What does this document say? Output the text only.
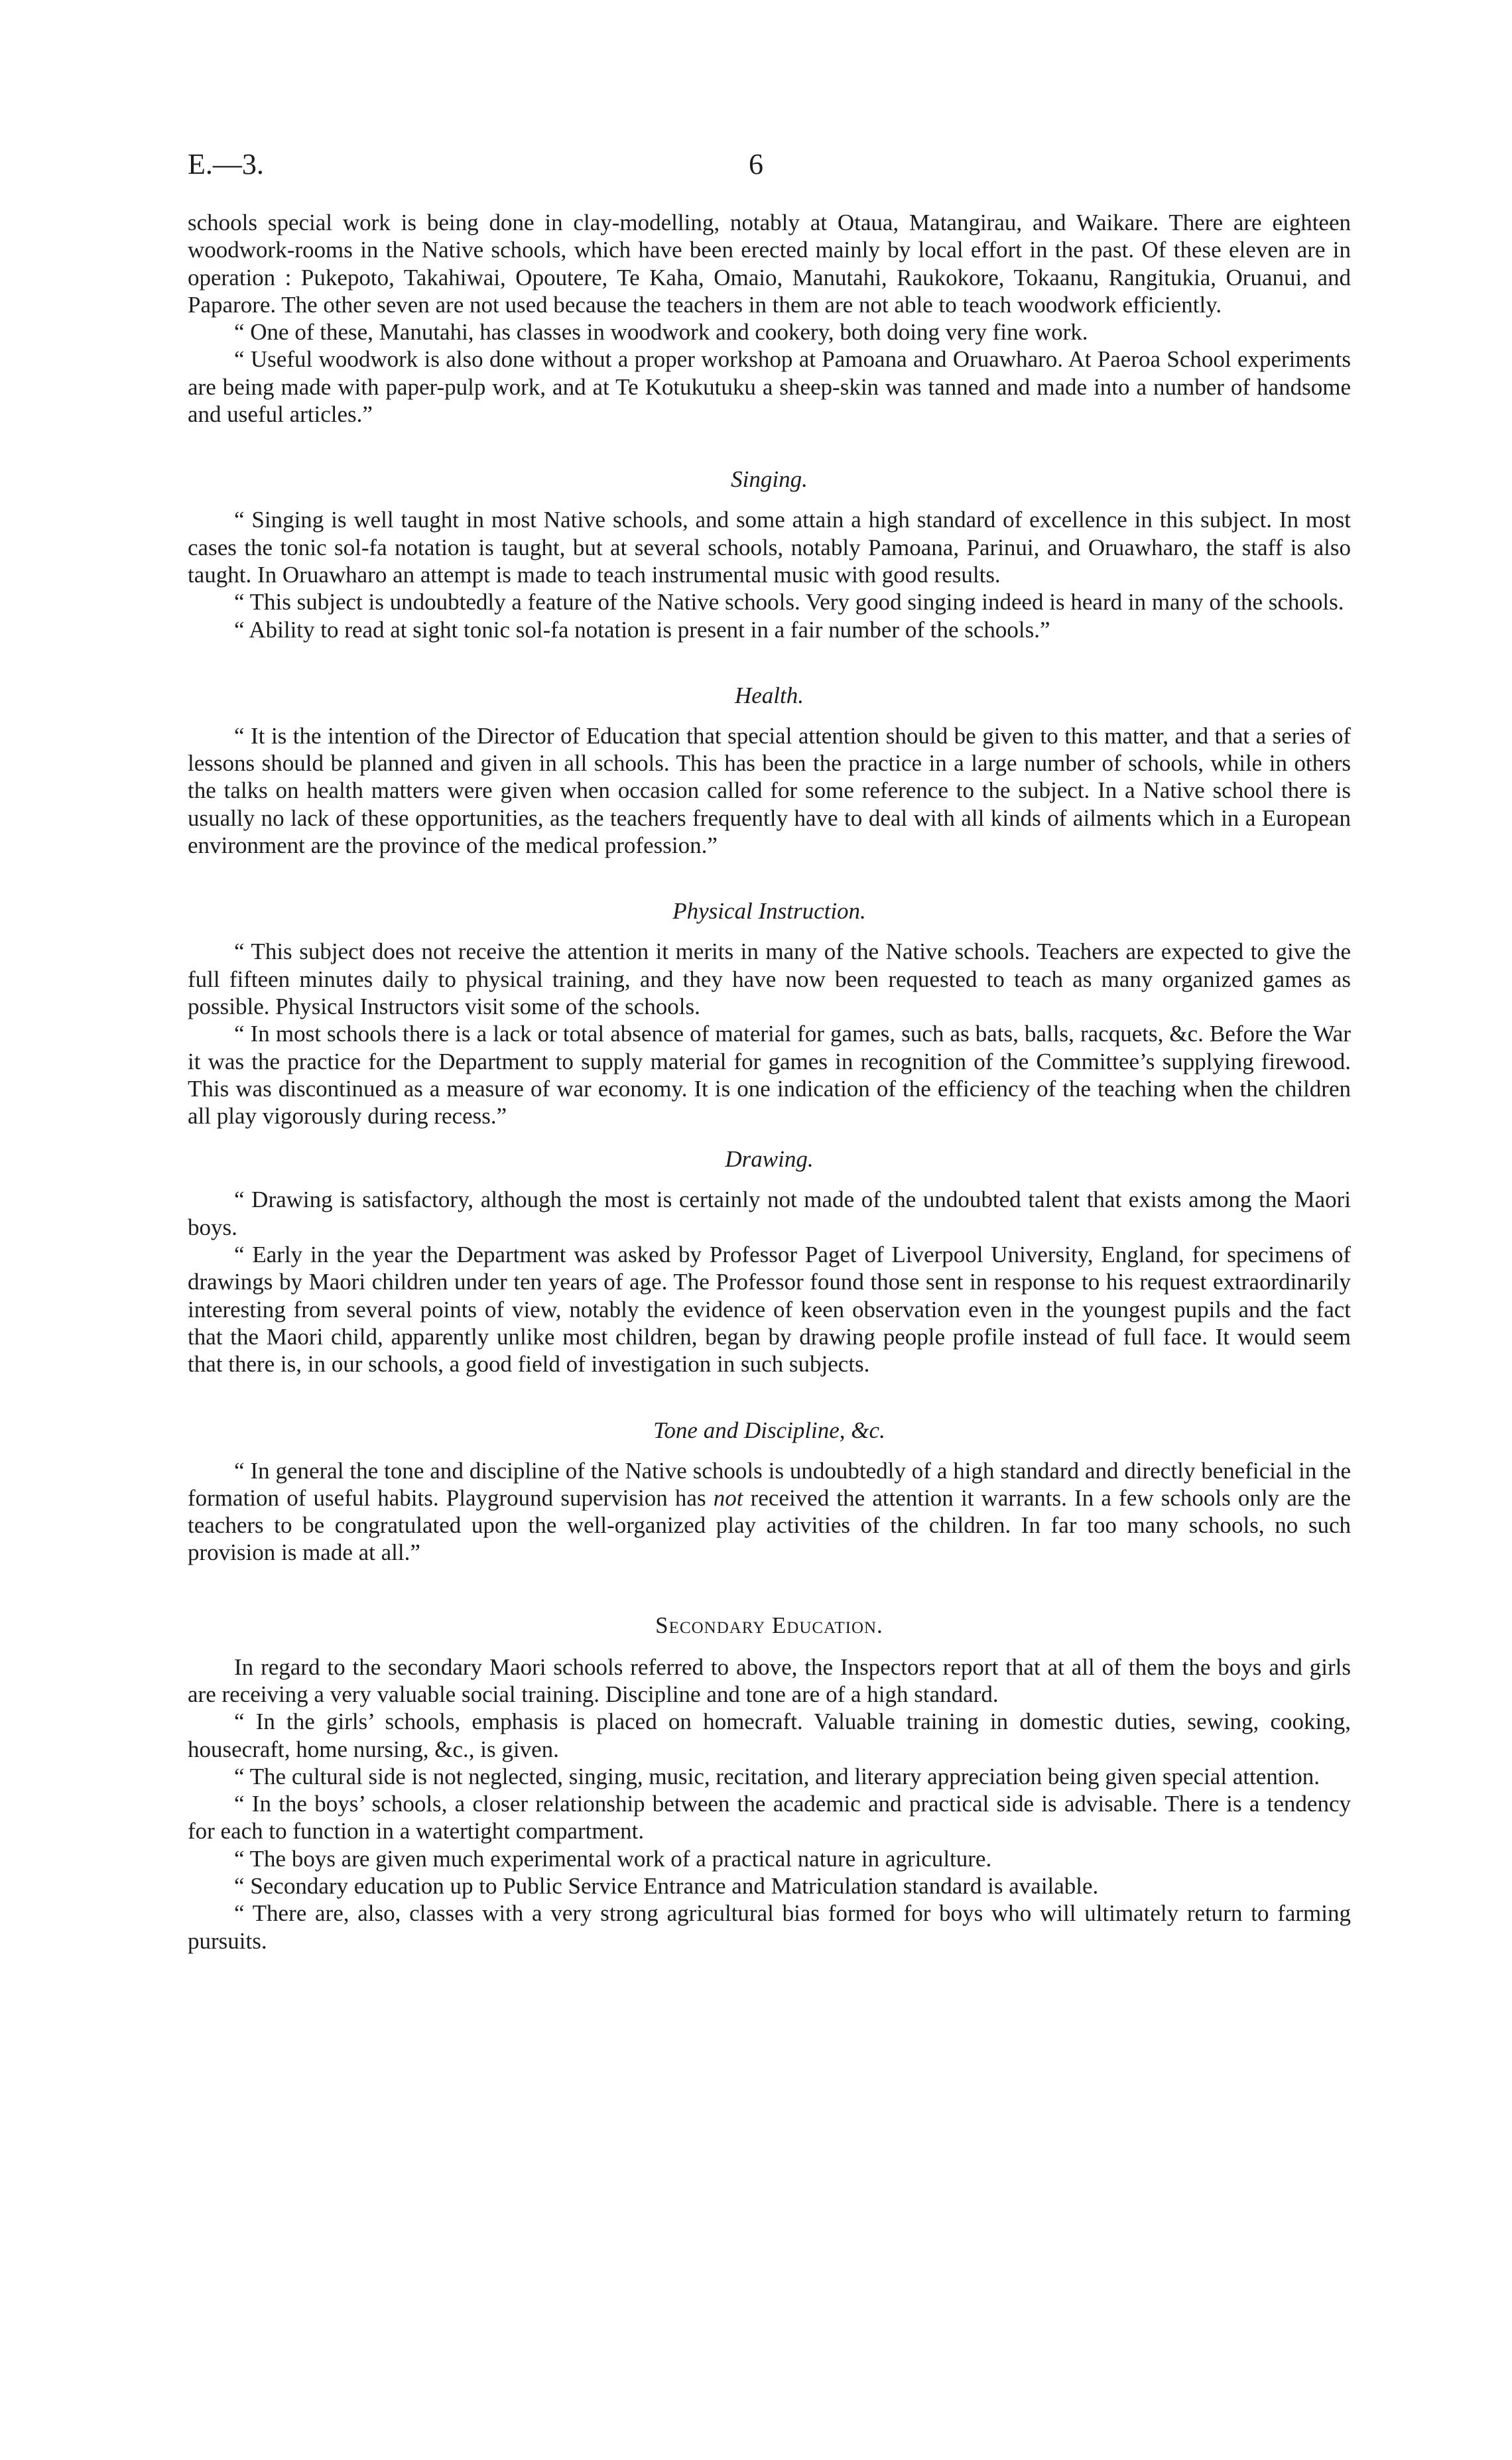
E.—3.	6

schools special work is being done in clay-modelling, notably at Otaua, Matangirau, and Waikare. There are eighteen woodwork-rooms in the Native schools, which have been erected mainly by local effort in the past. Of these eleven are in operation : Pukepoto, Takahiwai, Opoutere, Te Kaha, Omaio, Manutahi, Raukokore, Tokaanu, Rangitukia, Oruanui, and Paparore. The other seven are not used because the teachers in them are not able to teach woodwork efficiently.

“ One of these, Manutahi, has classes in woodwork and cookery, both doing very fine work.

“ Useful woodwork is also done without a proper workshop at Pamoana and Oruawharo. At Paeroa School experiments are being made with paper-pulp work, and at Te Kotukutuku a sheep-skin was tanned and made into a number of handsome and useful articles.”

Singing.

“ Singing is well taught in most Native schools, and some attain a high standard of excellence in this subject. In most cases the tonic sol-fa notation is taught, but at several schools, notably Pamoana, Parinui, and Oruawharo, the staff is also taught. In Oruawharo an attempt is made to teach instrumental music with good results.

“ This subject is undoubtedly a feature of the Native schools. Very good singing indeed is heard in many of the schools.

“ Ability to read at sight tonic sol-fa notation is present in a fair number of the schools.”

Health.

“ It is the intention of the Director of Education that special attention should be given to this matter, and that a series of lessons should be planned and given in all schools. This has been the practice in a large number of schools, while in others the talks on health matters were given when occasion called for some reference to the subject. In a Native school there is usually no lack of these opportunities, as the teachers frequently have to deal with all kinds of ailments which in a European environment are the province of the medical profession.”

Physical Instruction.

“ This subject does not receive the attention it merits in many of the Native schools. Teachers are expected to give the full fifteen minutes daily to physical training, and they have now been requested to teach as many organized games as possible. Physical Instructors visit some of the schools.

“ In most schools there is a lack or total absence of material for games, such as bats, balls, racquets, &c. Before the War it was the practice for the Department to supply material for games in recognition of the Committee’s supplying firewood. This was discontinued as a measure of war economy. It is one indication of the efficiency of the teaching when the children all play vigorously during recess.”

Drawing.

“ Drawing is satisfactory, although the most is certainly not made of the undoubted talent that exists among the Maori boys.

“ Early in the year the Department was asked by Professor Paget of Liverpool University, England, for specimens of drawings by Maori children under ten years of age. The Professor found those sent in response to his request extraordinarily interesting from several points of view, notably the evidence of keen observation even in the youngest pupils and the fact that the Maori child, apparently unlike most children, began by drawing people profile instead of full face. It would seem that there is, in our schools, a good field of investigation in such subjects.

Tone and Discipline, &c.

“ In general the tone and discipline of the Native schools is undoubtedly of a high standard and directly beneficial in the formation of useful habits. Playground supervision has not received the attention it warrants. In a few schools only are the teachers to be congratulated upon the well-organized play activities of the children. In far too many schools, no such provision is made at all.”

Secondary Education.

In regard to the secondary Maori schools referred to above, the Inspectors report that at all of them the boys and girls are receiving a very valuable social training. Discipline and tone are of a high standard.

“ In the girls’ schools, emphasis is placed on homecraft. Valuable training in domestic duties, sewing, cooking, housecraft, home nursing, &c., is given.

“ The cultural side is not neglected, singing, music, recitation, and literary appreciation being given special attention.

“ In the boys’ schools, a closer relationship between the academic and practical side is advisable. There is a tendency for each to function in a watertight compartment.

“ The boys are given much experimental work of a practical nature in agriculture.

“ Secondary education up to Public Service Entrance and Matriculation standard is available.

“ There are, also, classes with a very strong agricultural bias formed for boys who will ultimately return to farming pursuits.
